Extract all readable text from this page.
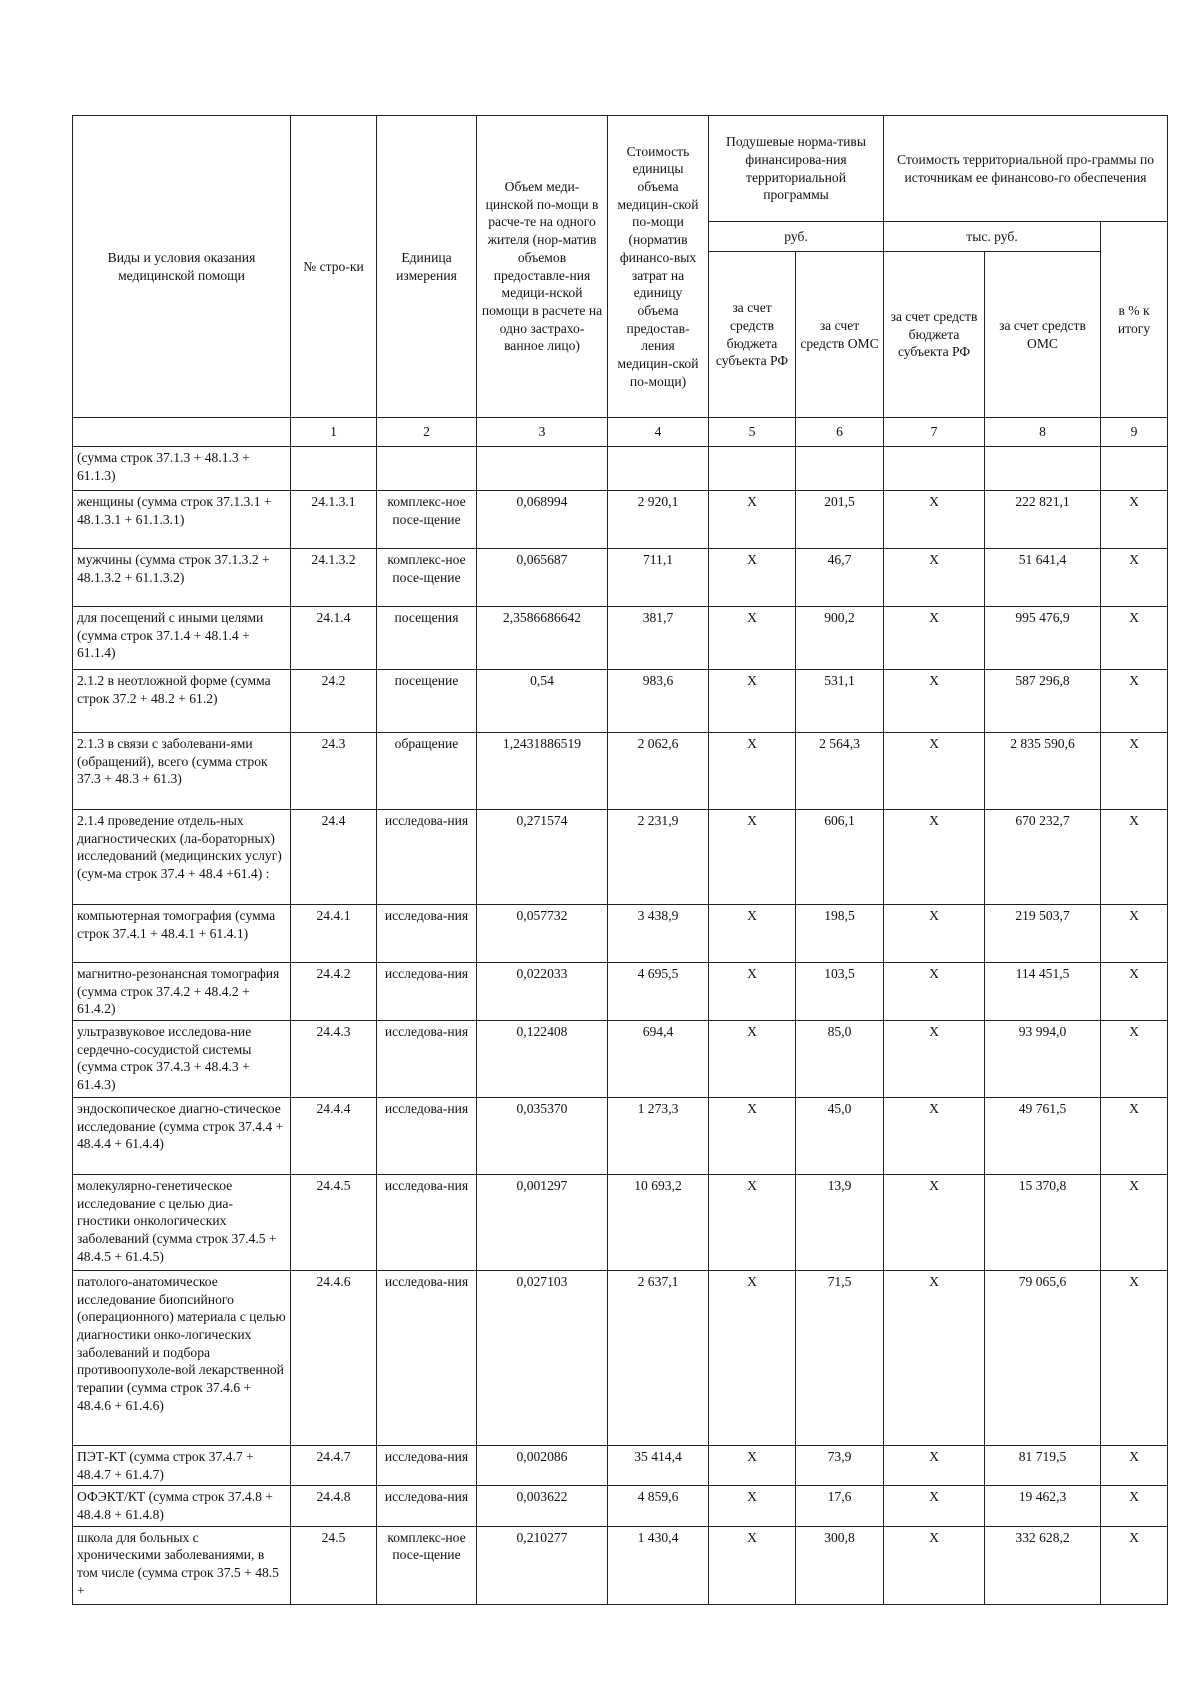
Виды и условия оказания медицинской помощи	№ стро-ки	Единица измерения	Объем меди-цинской по-мощи в расче-те на одного жителя (нор-матив объемов предоставле-ния медици-нской помощи в расчете на одно застрахо-ванное лицо)	Стоимость единицы объема медицин-ской по-мощи (норматив финансо-вых затрат на единицу объема предостав-ления медицин-ской по-мощи)	Подушевые норма-тивы финансирова-ния территориальной программы		Стоимость территориальной про-граммы по источникам ее финансово-го обеспечения		
					руб.		тыс. руб.		в % к итогу
					за счет средств бюджета субъекта РФ	за счет средств ОМС	за счет средств бюджета субъекта РФ	за счет средств ОМС	
	1	2	3	4	5	6	7	8	9
(сумма строк 37.1.3 + 48.1.3 + 61.1.3)									
женщины (сумма строк 37.1.3.1 + 48.1.3.1 + 61.1.3.1)	24.1.3.1	комплекс-ное посе-щение	0,068994	2 920,1	X	201,5	X	222 821,1	X
мужчины (сумма строк 37.1.3.2 + 48.1.3.2 + 61.1.3.2)	24.1.3.2	комплекс-ное посе-щение	0,065687	711,1	X	46,7	X	51 641,4	X
для посещений с иными целями (сумма строк 37.1.4 + 48.1.4 + 61.1.4)	24.1.4	посещения	2,3586686642	381,7	X	900,2	X	995 476,9	X
2.1.2 в неотложной форме (сумма строк 37.2 + 48.2 + 61.2)	24.2	посещение	0,54	983,6	X	531,1	X	587 296,8	X
2.1.3 в связи с заболевани-ями (обращений), всего (сумма строк 37.3 + 48.3 + 61.3)	24.3	обращение	1,2431886519	2 062,6	X	2 564,3	X	2 835 590,6	X
2.1.4 проведение отдель-ных диагностических (ла-бораторных) исследований (медицинских услуг) (сум-ма строк 37.4 + 48.4 +61.4) :	24.4	исследова-ния	0,271574	2 231,9	X	606,1	X	670 232,7	X
компьютерная томография (сумма строк 37.4.1 + 48.4.1 + 61.4.1)	24.4.1	исследова-ния	0,057732	3 438,9	X	198,5	X	219 503,7	X
магнитно-резонансная томография (сумма строк 37.4.2 + 48.4.2 + 61.4.2)	24.4.2	исследова-ния	0,022033	4 695,5	X	103,5	X	114 451,5	X
ультразвуковое исследова-ние сердечно-сосудистой системы (сумма строк 37.4.3 + 48.4.3 + 61.4.3)	24.4.3	исследова-ния	0,122408	694,4	X	85,0	X	93 994,0	X
эндоскопическое диагно-стическое исследование (сумма строк 37.4.4 + 48.4.4 + 61.4.4)	24.4.4	исследова-ния	0,035370	1 273,3	X	45,0	X	49 761,5	X
молекулярно-генетическое исследование с целью диа-гностики онкологических заболеваний (сумма строк 37.4.5 + 48.4.5 + 61.4.5)	24.4.5	исследова-ния	0,001297	10 693,2	X	13,9	X	15 370,8	X
патолого-анатомическое исследование биопсийного (операционного) материала с целью диагностики онко-логических заболеваний и подбора противоопухоле-вой лекарственной терапии (сумма строк 37.4.6 + 48.4.6 + 61.4.6)	24.4.6	исследова-ния	0,027103	2 637,1	X	71,5	X	79 065,6	X
ПЭТ-КТ (сумма строк 37.4.7 + 48.4.7 + 61.4.7)	24.4.7	исследова-ния	0,002086	35 414,4	X	73,9	X	81 719,5	X
ОФЭКТ/КТ (сумма строк 37.4.8 + 48.4.8 + 61.4.8)	24.4.8	исследова-ния	0,003622	4 859,6	X	17,6	X	19 462,3	X
школа для больных с хроническими заболеваниями, в том числе (сумма строк 37.5 + 48.5 +	24.5	комплекс-ное посе-щение	0,210277	1 430,4	X	300,8	X	332 628,2	X
